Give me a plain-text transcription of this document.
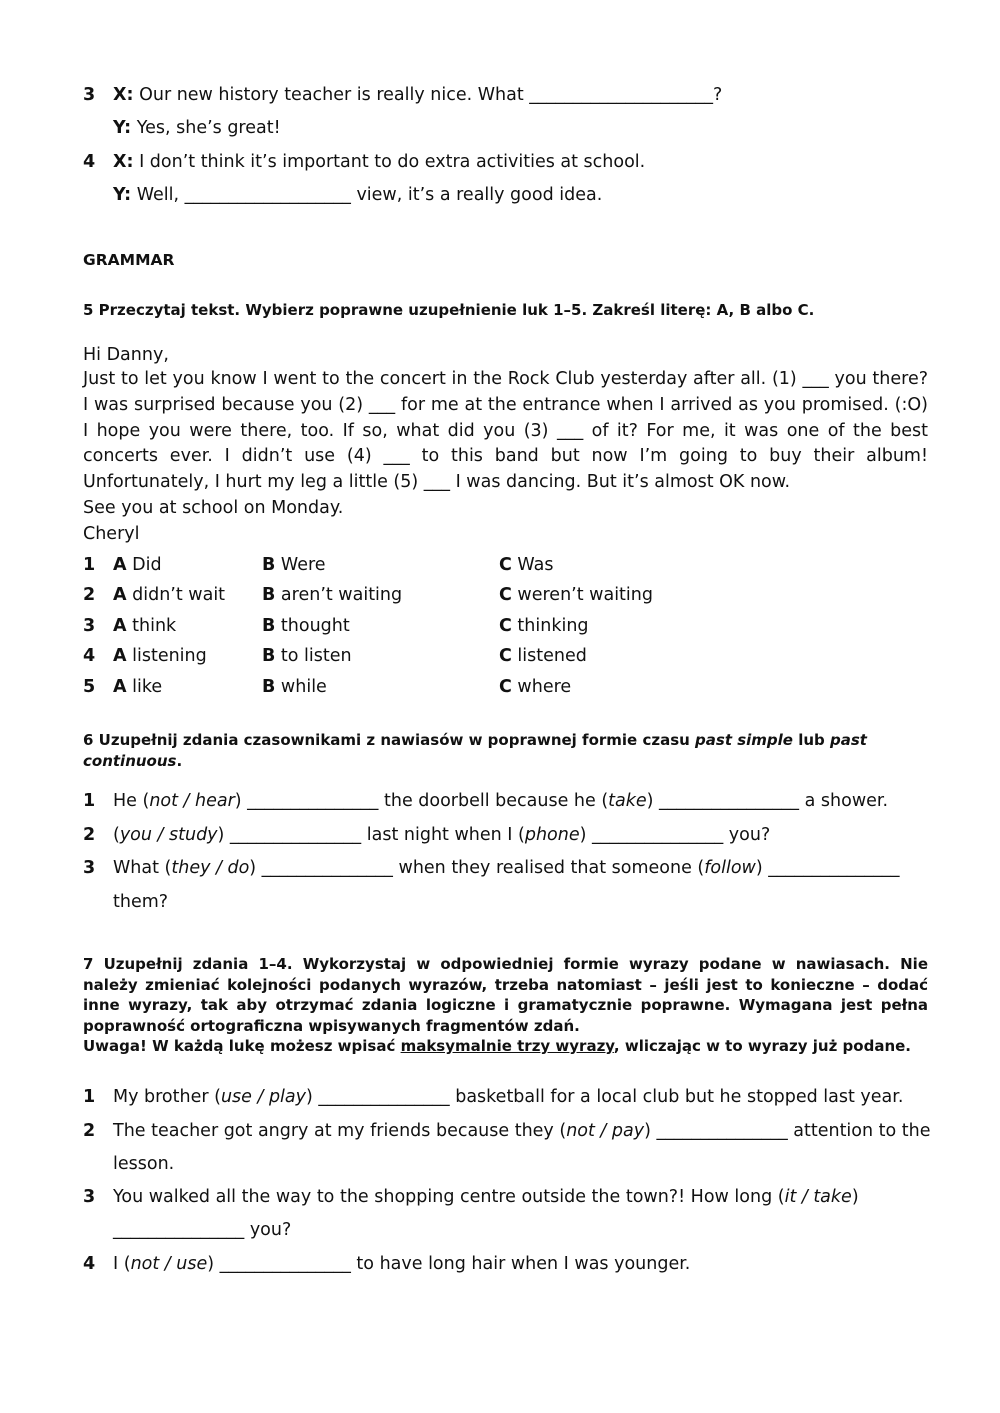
3 X: Our new history teacher is really nice. What _____________________?
Y: Yes, she’s great!
4 X: I don’t think it’s important to do extra activities at school.
Y: Well, ___________________ view, it’s a really good idea.
GRAMMAR
5 Przeczytaj tekst. Wybierz poprawne uzupełnienie luk 1–5. Zakreśl literę: A, B albo C.
Hi Danny,
Just to let you know I went to the concert in the Rock Club yesterday after all. (1) ___ you there? I was surprised because you (2) ___ for me at the entrance when I arrived as you promised. (:O) I hope you were there, too. If so, what did you (3) ___ of it? For me, it was one of the best concerts ever. I didn’t use (4) ___ to this band but now I’m going to buy their album! Unfortunately, I hurt my leg a little (5) ___ I was dancing. But it’s almost OK now.
See you at school on Monday.
Cheryl
1 A Did	B Were	C Was
2 A didn’t wait B aren’t waiting	C weren’t waiting
3 A think	B thought	C thinking
4 A listening	B to listen	C listened
5 A like	B while	C where
6 Uzupełnij zdania czasownikami z nawiasów w poprawnej formie czasu past simple lub past continuous.
1 He (not / hear) _______________ the doorbell because he (take) ________________ a shower.
2 (you / study) _______________ last night when I (phone) _______________ you?
3 What (they / do) _______________ when they realised that someone (follow) _______________
them?
7 Uzupełnij zdania 1–4. Wykorzystaj w odpowiedniej formie wyrazy podane w nawiasach. Nie należy zmieniać kolejności podanych wyrazów, trzeba natomiast – jeśli jest to konieczne – dodać inne wyrazy, tak aby otrzymać zdania logiczne i gramatycznie poprawne. Wymagana jest pełna poprawność ortograficzna wpisywanych fragmentów zdań.
Uwaga! W każdą lukę możesz wpisać maksymalnie trzy wyrazy, wliczając w to wyrazy już podane.
1 My brother (use / play) _______________ basketball for a local club but he stopped last year.
2 The teacher got angry at my friends because they (not / pay) _______________ attention to the
lesson.
3 You walked all the way to the shopping centre outside the town?! How long (it / take)
_______________ you?
4 I (not / use) _______________ to have long hair when I was younger.
